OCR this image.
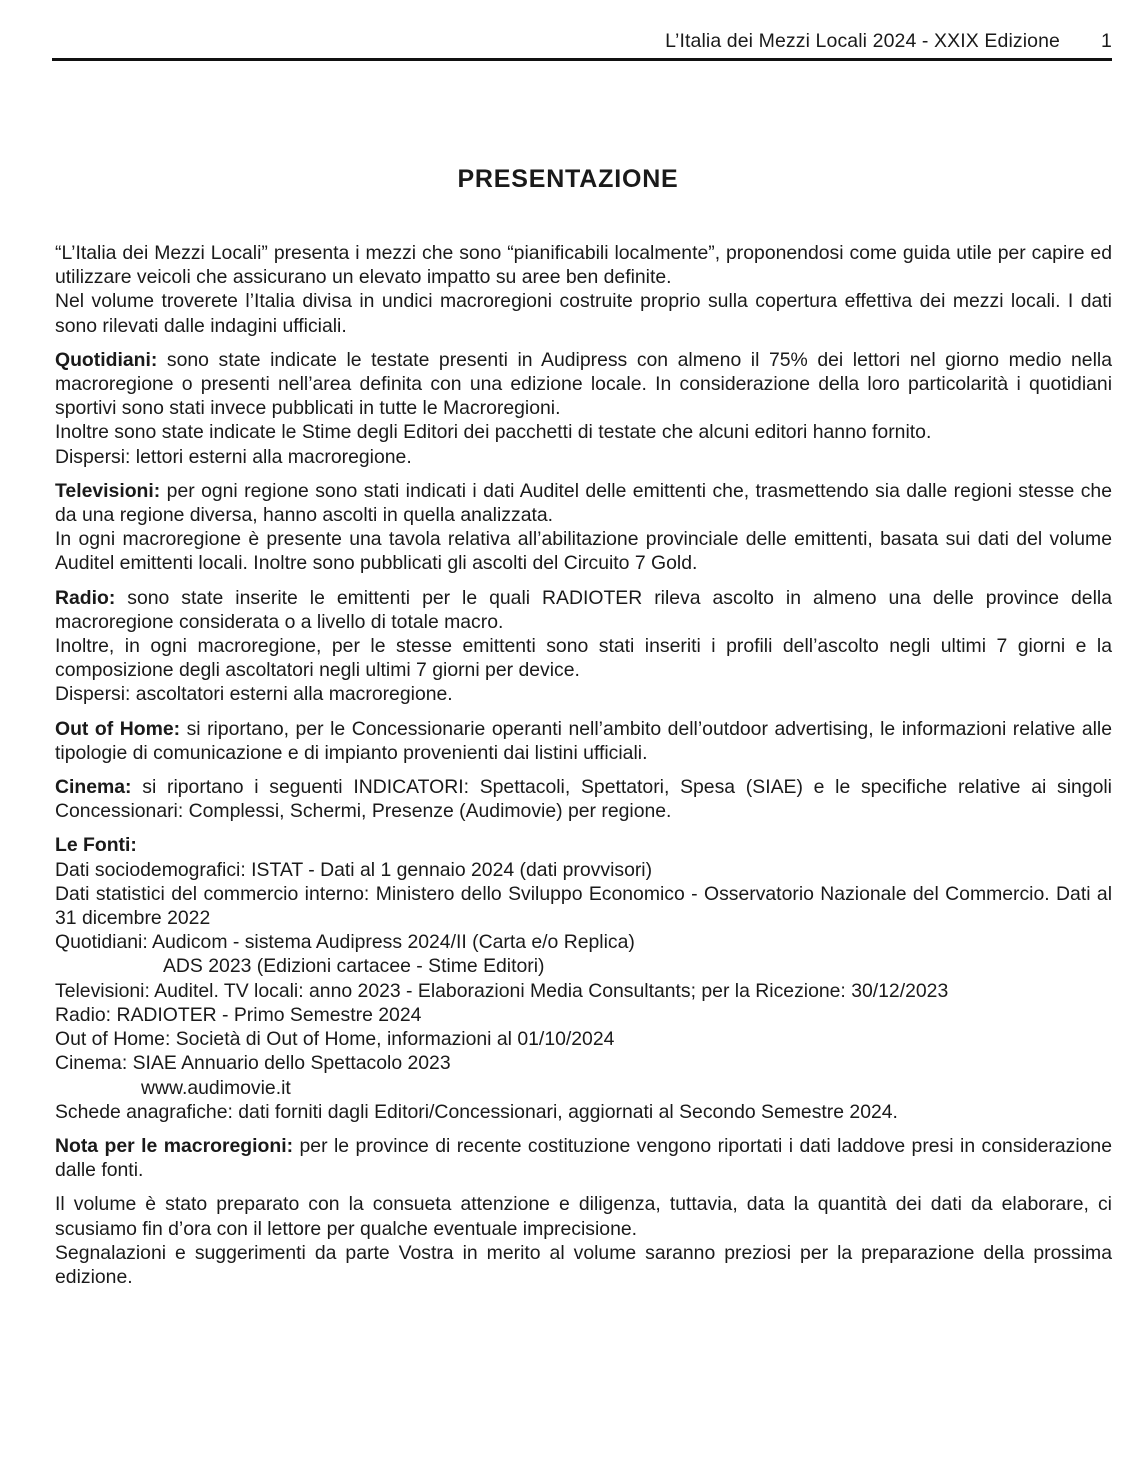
L’Italia dei Mezzi Locali 2024 - XXIX Edizione 1
PRESENTAZIONE

“L’Italia dei Mezzi Locali” presenta i mezzi che sono “pianificabili localmente”, proponendosi come guida utile per capire ed utilizzare veicoli che assicurano un elevato impatto su aree ben definite.
Nel volume troverete l’Italia divisa in undici macroregioni costruite proprio sulla copertura effettiva dei mezzi locali. I dati sono rilevati dalle indagini ufficiali.

Quotidiani: sono state indicate le testate presenti in Audipress con almeno il 75% dei lettori nel giorno medio nella macroregione o presenti nell’area definita con una edizione locale. In considerazione della loro particolarità i quotidiani sportivi sono stati invece pubblicati in tutte le Macroregioni.
Inoltre sono state indicate le Stime degli Editori dei pacchetti di testate che alcuni editori hanno fornito.
Dispersi: lettori esterni alla macroregione.

Televisioni: per ogni regione sono stati indicati i dati Auditel delle emittenti che, trasmettendo sia dalle regioni stesse che da una regione diversa, hanno ascolti in quella analizzata.
In ogni macroregione è presente una tavola relativa all’abilitazione provinciale delle emittenti, basata sui dati del volume Auditel emittenti locali. Inoltre sono pubblicati gli ascolti del Circuito 7 Gold.

Radio: sono state inserite le emittenti per le quali RADIOTER rileva ascolto in almeno una delle province della macroregione considerata o a livello di totale macro.
Inoltre, in ogni macroregione, per le stesse emittenti sono stati inseriti i profili dell’ascolto negli ultimi 7 giorni e la composizione degli ascoltatori negli ultimi 7 giorni per device.
Dispersi: ascoltatori esterni alla macroregione.

Out of Home: si riportano, per le Concessionarie operanti nell’ambito dell’outdoor advertising, le informazioni relative alle tipologie di comunicazione e di impianto provenienti dai listini ufficiali.

Cinema: si riportano i seguenti INDICATORI: Spettacoli, Spettatori, Spesa (SIAE) e le specifiche relative ai singoli Concessionari: Complessi, Schermi, Presenze (Audimovie) per regione.

Le Fonti:
Dati sociodemografici: ISTAT - Dati al 1 gennaio 2024 (dati provvisori)
Dati statistici del commercio interno: Ministero dello Sviluppo Economico - Osservatorio Nazionale del Commercio. Dati al 31 dicembre 2022
Quotidiani: Audicom - sistema Audipress 2024/II (Carta e/o Replica)
ADS 2023 (Edizioni cartacee - Stime Editori)
Televisioni: Auditel. TV locali: anno 2023 - Elaborazioni Media Consultants; per la Ricezione: 30/12/2023
Radio: RADIOTER - Primo Semestre 2024
Out of Home: Società di Out of Home, informazioni al 01/10/2024
Cinema: SIAE Annuario dello Spettacolo 2023
www.audimovie.it
Schede anagrafiche: dati forniti dagli Editori/Concessionari, aggiornati al Secondo Semestre 2024.

Nota per le macroregioni: per le province di recente costituzione vengono riportati i dati laddove presi in considerazione dalle fonti.

Il volume è stato preparato con la consueta attenzione e diligenza, tuttavia, data la quantità dei dati da elaborare, ci scusiamo fin d’ora con il lettore per qualche eventuale imprecisione.
Segnalazioni e suggerimenti da parte Vostra in merito al volume saranno preziosi per la preparazione della prossima edizione.
